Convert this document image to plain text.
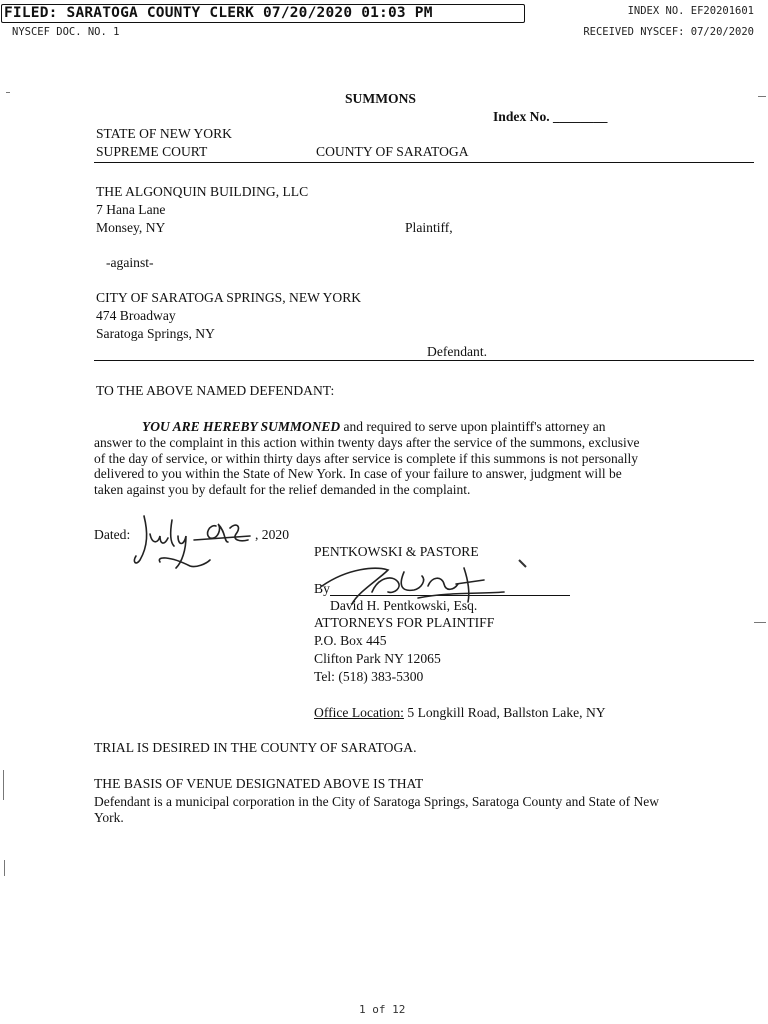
FILED: SARATOGA COUNTY CLERK 07/20/2020 01:03 PM	INDEX NO. EF20201601
NYSCEF DOC. NO. 1	RECEIVED NYSCEF: 07/20/2020
SUMMONS
Index No. ________
STATE OF NEW YORK
SUPREME COURT	COUNTY OF SARATOGA
THE ALGONQUIN BUILDING, LLC
7 Hana Lane
Monsey, NY	Plaintiff,
-against-
CITY OF SARATOGA SPRINGS, NEW YORK
474 Broadway
Saratoga Springs, NY
Defendant.
TO THE ABOVE NAMED DEFENDANT:

YOU ARE HEREBY SUMMONED and required to serve upon plaintiff's attorney an answer to the complaint in this action within twenty days after the service of the summons, exclusive of the day of service, or within thirty days after service is complete if this summons is not personally delivered to you within the State of New York. In case of your failure to answer, judgment will be taken against you by default for the relief demanded in the complaint.

Dated:	, 2020
PENTKOWSKI & PASTORE
By
David H. Pentkowski, Esq.
ATTORNEYS FOR PLAINTIFF
P.O. Box 445
Clifton Park NY 12065
Tel: (518) 383-5300
Office Location: 5 Longkill Road, Ballston Lake, NY
TRIAL IS DESIRED IN THE COUNTY OF SARATOGA.
THE BASIS OF VENUE DESIGNATED ABOVE IS THAT

Defendant is a municipal corporation in the City of Saratoga Springs, Saratoga County and State of New York.

1 of 12
